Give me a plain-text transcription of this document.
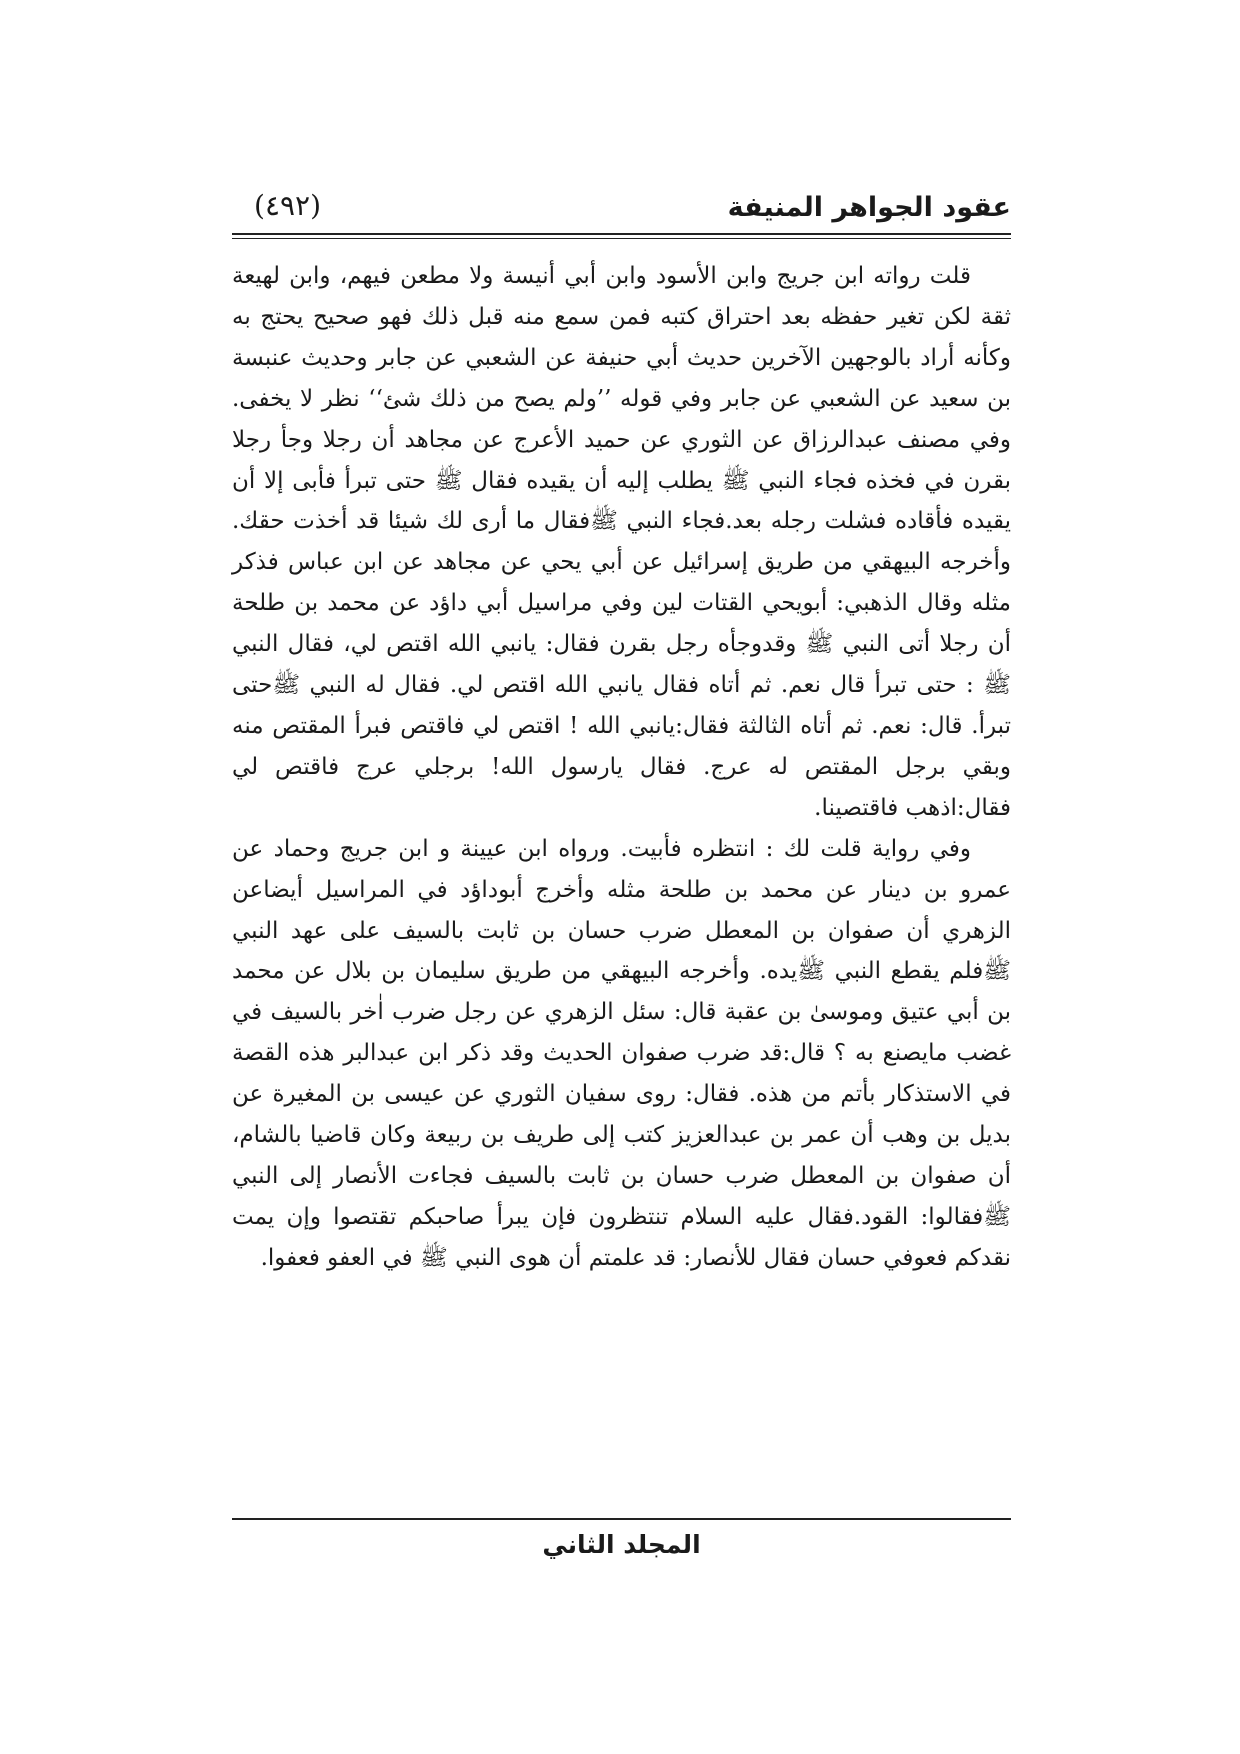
عقود الجواهر المنيفة
(٤٩٢)

قلت رواته ابن جريج وابن الأسود وابن أبي أنيسة ولا مطعن فيهم، وابن لهيعة ثقة لكن تغير حفظه بعد احتراق كتبه فمن سمع منه قبل ذلك فهو صحيح يحتج به وكأنه أراد بالوجهين الآخرين حديث أبي حنيفة عن الشعبي عن جابر وحديث عنبسة بن سعيد عن الشعبي عن جابر وفي قوله ’’ولم يصح من ذلك شئ‘‘ نظر لا يخفى. وفي مصنف عبدالرزاق عن الثوري عن حميد الأعرج عن مجاهد أن رجلا وجأ رجلا بقرن في فخذه فجاء النبي ﷺ يطلب إليه أن يقيده فقال ﷺ حتى تبرأ فأبى إلا أن يقيده فأقاده فشلت رجله بعد.فجاء النبي ﷺفقال ما أرى لك شيئا قد أخذت حقك. وأخرجه البيهقي من طريق إسرائيل عن أبي يحي عن مجاهد عن ابن عباس فذكر مثله وقال الذهبي: أبويحي القتات لين وفي مراسيل أبي داؤد عن محمد بن طلحة أن رجلا أتى النبي ﷺ وقدوجأه رجل بقرن فقال: يانبي الله اقتص لي، فقال النبي ﷺ : حتى تبرأ قال نعم. ثم أتاه فقال يانبي الله اقتص لي. فقال له النبي ﷺحتى تبرأ. قال: نعم. ثم أتاه الثالثة فقال:يانبي الله ! اقتص لي فاقتص فبرأ المقتص منه وبقي برجل المقتص له عرج. فقال يارسول الله! برجلي عرج فاقتص لي فقال:اذهب فاقتصينا.

وفي رواية قلت لك : انتظره فأبيت. ورواه ابن عيينة و ابن جريج وحماد عن عمرو بن دينار عن محمد بن طلحة مثله وأخرج أبوداؤد في المراسيل أيضاعن الزهري أن صفوان بن المعطل ضرب حسان بن ثابت بالسيف على عهد النبي ﷺفلم يقطع النبي ﷺيده. وأخرجه البيهقي من طريق سليمان بن بلال عن محمد بن أبي عتيق وموسىٰ بن عقبة قال: سئل الزهري عن رجل ضرب اٰخر بالسيف في غضب مايصنع به ؟ قال:قد ضرب صفوان الحديث وقد ذكر ابن عبدالبر هذه القصة في الاستذكار بأتم من هذه. فقال: روى سفيان الثوري عن عيسى بن المغيرة عن بديل بن وهب أن عمر بن عبدالعزيز كتب إلى طريف بن ربيعة وكان قاضيا بالشام، أن صفوان بن المعطل ضرب حسان بن ثابت بالسيف فجاءت الأنصار إلى النبي ﷺفقالوا: القود.فقال عليه السلام تنتظرون فإن يبرأ صاحبكم تقتصوا وإن يمت نقدكم فعوفي حسان فقال للأنصار: قد علمتم أن هوى النبي ﷺ في العفو فعفوا.

المجلد الثاني
